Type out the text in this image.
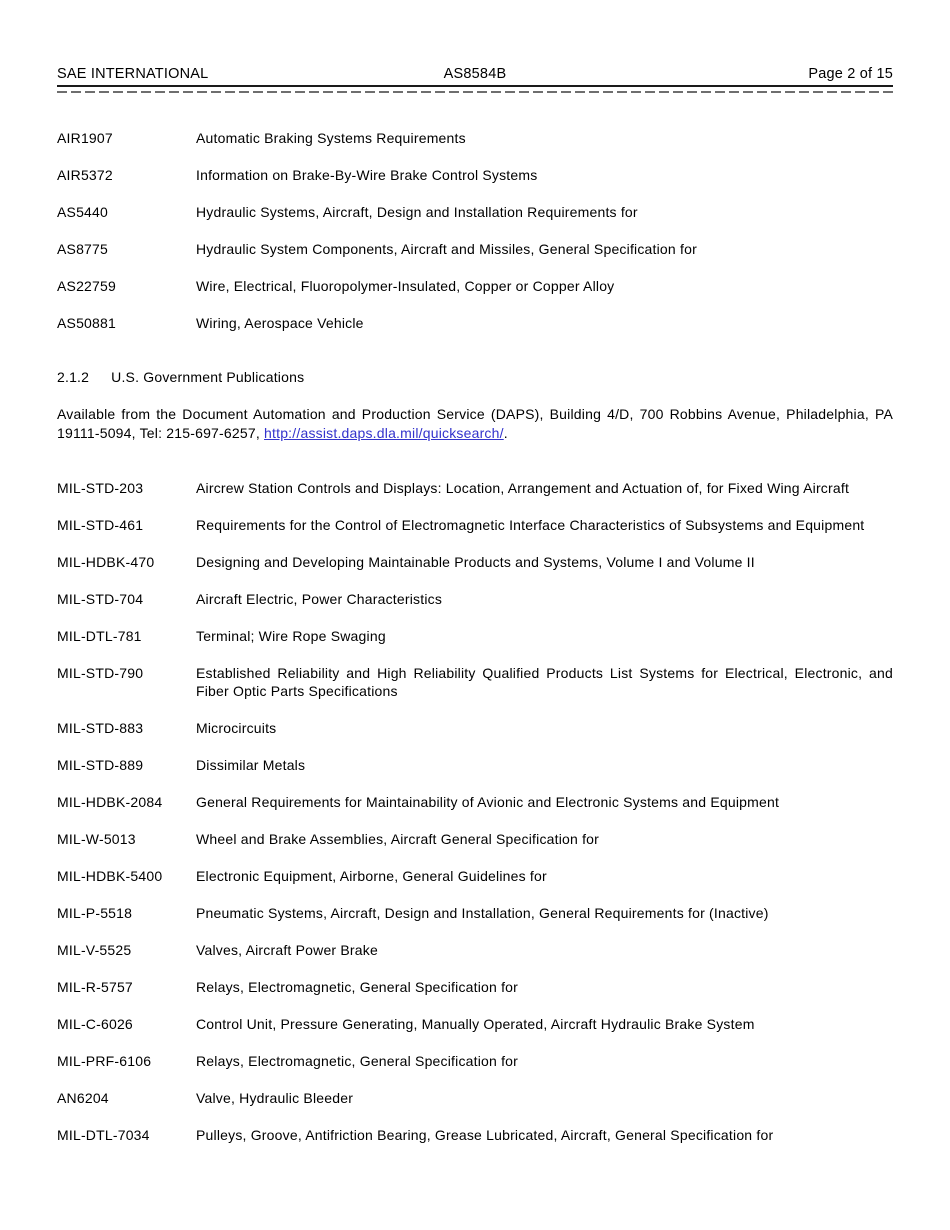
AS8584B
SAE INTERNATIONAL	Page 2 of 15
AIR1907	Automatic Braking Systems Requirements
AIR5372	Information on Brake-By-Wire Brake Control Systems
AS5440	Hydraulic Systems, Aircraft, Design and Installation Requirements for
AS8775	Hydraulic System Components, Aircraft and Missiles, General Specification for
AS22759	Wire, Electrical, Fluoropolymer-Insulated, Copper or Copper Alloy
AS50881	Wiring, Aerospace Vehicle
2.1.2 U.S. Government Publications

Available from the Document Automation and Production Service (DAPS), Building 4/D, 700 Robbins Avenue, Philadelphia, PA 19111-5094, Tel: 215-697-6257, http://assist.daps.dla.mil/quicksearch/.

MIL-STD-203	Aircrew Station Controls and Displays: Location, Arrangement and Actuation of, for Fixed Wing Aircraft
MIL-STD-461	Requirements for the Control of Electromagnetic Interface Characteristics of Subsystems and Equipment
MIL-HDBK-470	Designing and Developing Maintainable Products and Systems, Volume I and Volume II
MIL-STD-704	Aircraft Electric, Power Characteristics
MIL-DTL-781	Terminal; Wire Rope Swaging
MIL-STD-790	Established Reliability and High Reliability Qualified Products List Systems for Electrical, Electronic, and Fiber Optic Parts Specifications
MIL-STD-883	Microcircuits
MIL-STD-889	Dissimilar Metals
MIL-HDBK-2084	General Requirements for Maintainability of Avionic and Electronic Systems and Equipment
MIL-W-5013	Wheel and Brake Assemblies, Aircraft General Specification for
MIL-HDBK-5400	Electronic Equipment, Airborne, General Guidelines for
MIL-P-5518	Pneumatic Systems, Aircraft, Design and Installation, General Requirements for (Inactive)
MIL-V-5525	Valves, Aircraft Power Brake
MIL-R-5757	Relays, Electromagnetic, General Specification for
MIL-C-6026	Control Unit, Pressure Generating, Manually Operated, Aircraft Hydraulic Brake System
MIL-PRF-6106	Relays, Electromagnetic, General Specification for
AN6204	Valve, Hydraulic Bleeder
MIL-DTL-7034	Pulleys, Groove, Antifriction Bearing, Grease Lubricated, Aircraft, General Specification for
